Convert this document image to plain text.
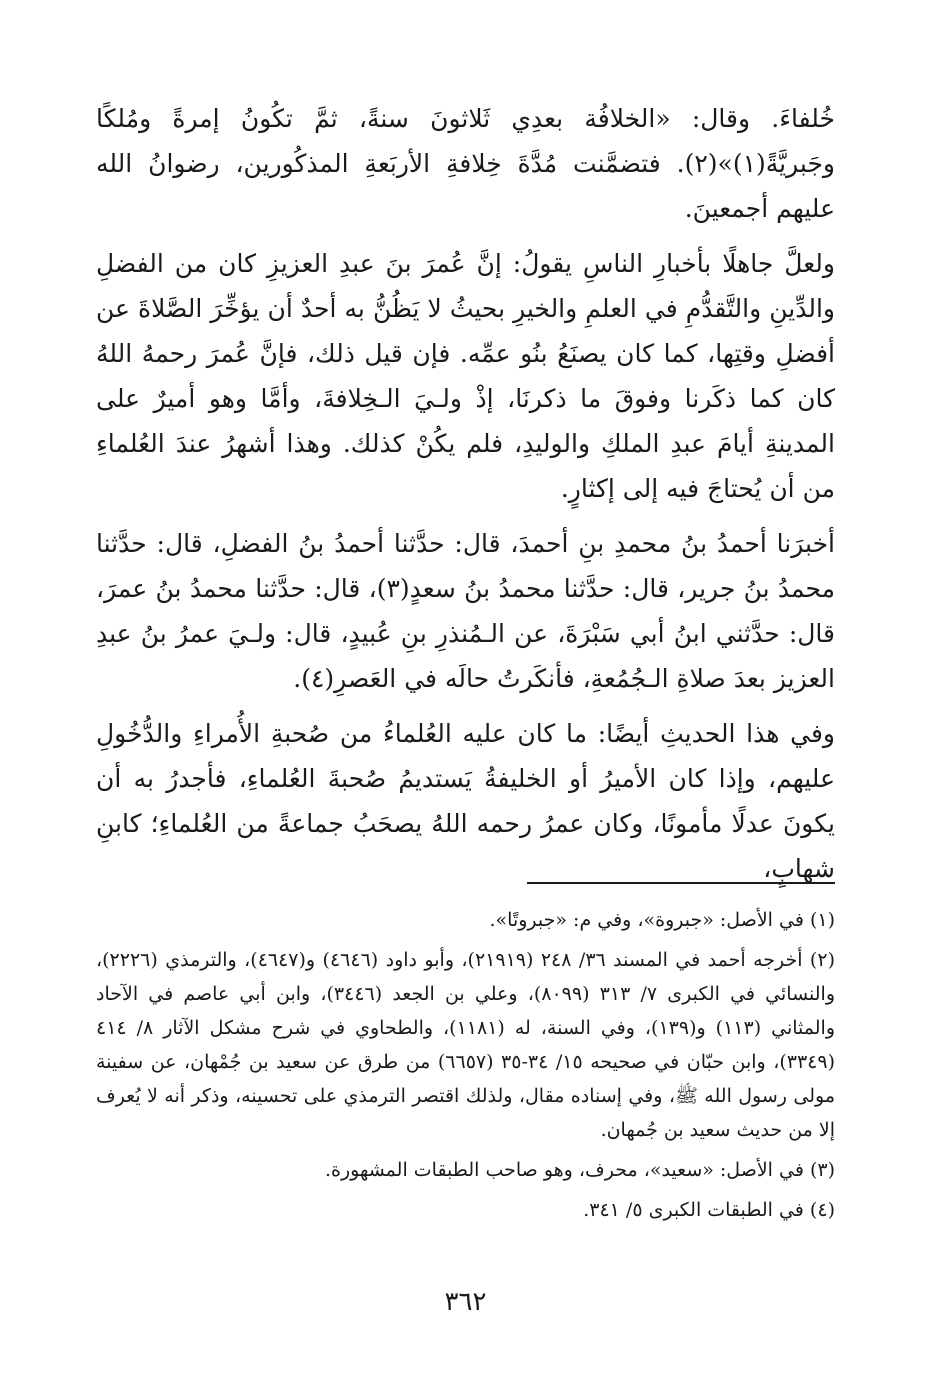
خُلفاءَ. وقال: «الخلافُة بعدِي ثَلاثونَ سنةً، ثمَّ تكُونُ إمرةً ومُلكًا وجَبريَّةً(١)»(٢). فتضمَّنت مُدَّةَ خِلافةِ الأربَعةِ المذكُورين، رضوانُ الله عليهم أجمعينَ.

ولعلَّ جاهلًا بأخبارِ الناسِ يقولُ: إنَّ عُمرَ بنَ عبدِ العزيزِ كان من الفضلِ والدِّينِ والتَّقدُّمِ في العلمِ والخيرِ بحيثُ لا يَظُنُّ به أحدٌ أن يؤخِّرَ الصَّلاةَ عن أفضلِ وقتِها، كما كان يصنَعُ بنُو عمِّه. فإن قيل ذلك، فإنَّ عُمرَ رحمهُ اللهُ كان كما ذكَرنا وفوقَ ما ذكرنَا، إذْ ولـيَ الـخِلافةَ، وأمَّا وهو أميرٌ على المدينةِ أيامَ عبدِ الملكِ والوليدِ، فلم يكُنْ كذلك. وهذا أشهرُ عندَ العُلماءِ من أن يُحتاجَ فيه إلى إكثارٍ.

أخبرَنا أحمدُ بنُ محمدِ بنِ أحمدَ، قال: حدَّثنا أحمدُ بنُ الفضلِ، قال: حدَّثنا محمدُ بنُ جرير، قال: حدَّثنا محمدُ بنُ سعدٍ(٣)، قال: حدَّثنا محمدُ بنُ عمرَ، قال: حدَّثني ابنُ أبي سَبْرَةَ، عن الـمُنذرِ بنِ عُبيدٍ، قال: ولـيَ عمرُ بنُ عبدِ العزيز بعدَ صلاةِ الـجُمُعةِ، فأنكَرتُ حالَه في العَصرِ(٤).

وفي هذا الحديثِ أيضًا: ما كان عليه العُلماءُ من صُحبةِ الأُمراءِ والدُّخُولِ عليهم، وإذا كان الأميرُ أو الخليفةُ يَستديمُ صُحبةَ العُلماءِ، فأجدرُ به أن يكونَ عدلًا مأمونًا، وكان عمرُ رحمه اللهُ يصحَبُ جماعةً من العُلماءِ؛ كابنِ شهابٍ،

(١) في الأصل: «جبروة»، وفي م: «جبروتًا».

(٢) أخرجه أحمد في المسند ٣٦/ ٢٤٨ (٢١٩١٩)، وأبو داود (٤٦٤٦) و(٤٦٤٧)، والترمذي (٢٢٢٦)، والنسائي في الكبرى ٧/ ٣١٣ (٨٠٩٩)، وعلي بن الجعد (٣٤٤٦)، وابن أبي عاصم في الآحاد والمثاني (١١٣) و(١٣٩)، وفي السنة، له (١١٨١)، والطحاوي في شرح مشكل الآثار ٨/ ٤١٤ (٣٣٤٩)، وابن حبّان في صحيحه ١٥/ ٣٤-٣٥ (٦٦٥٧) من طرق عن سعيد بن جُمْهان، عن سفينة مولى رسول الله ﷺ، وفي إسناده مقال، ولذلك اقتصر الترمذي على تحسينه، وذكر أنه لا يُعرف إلا من حديث سعيد بن جُمهان.

(٣) في الأصل: «سعيد»، محرف، وهو صاحب الطبقات المشهورة.

(٤) في الطبقات الكبرى ٥/ ٣٤١.

٣٦٢
